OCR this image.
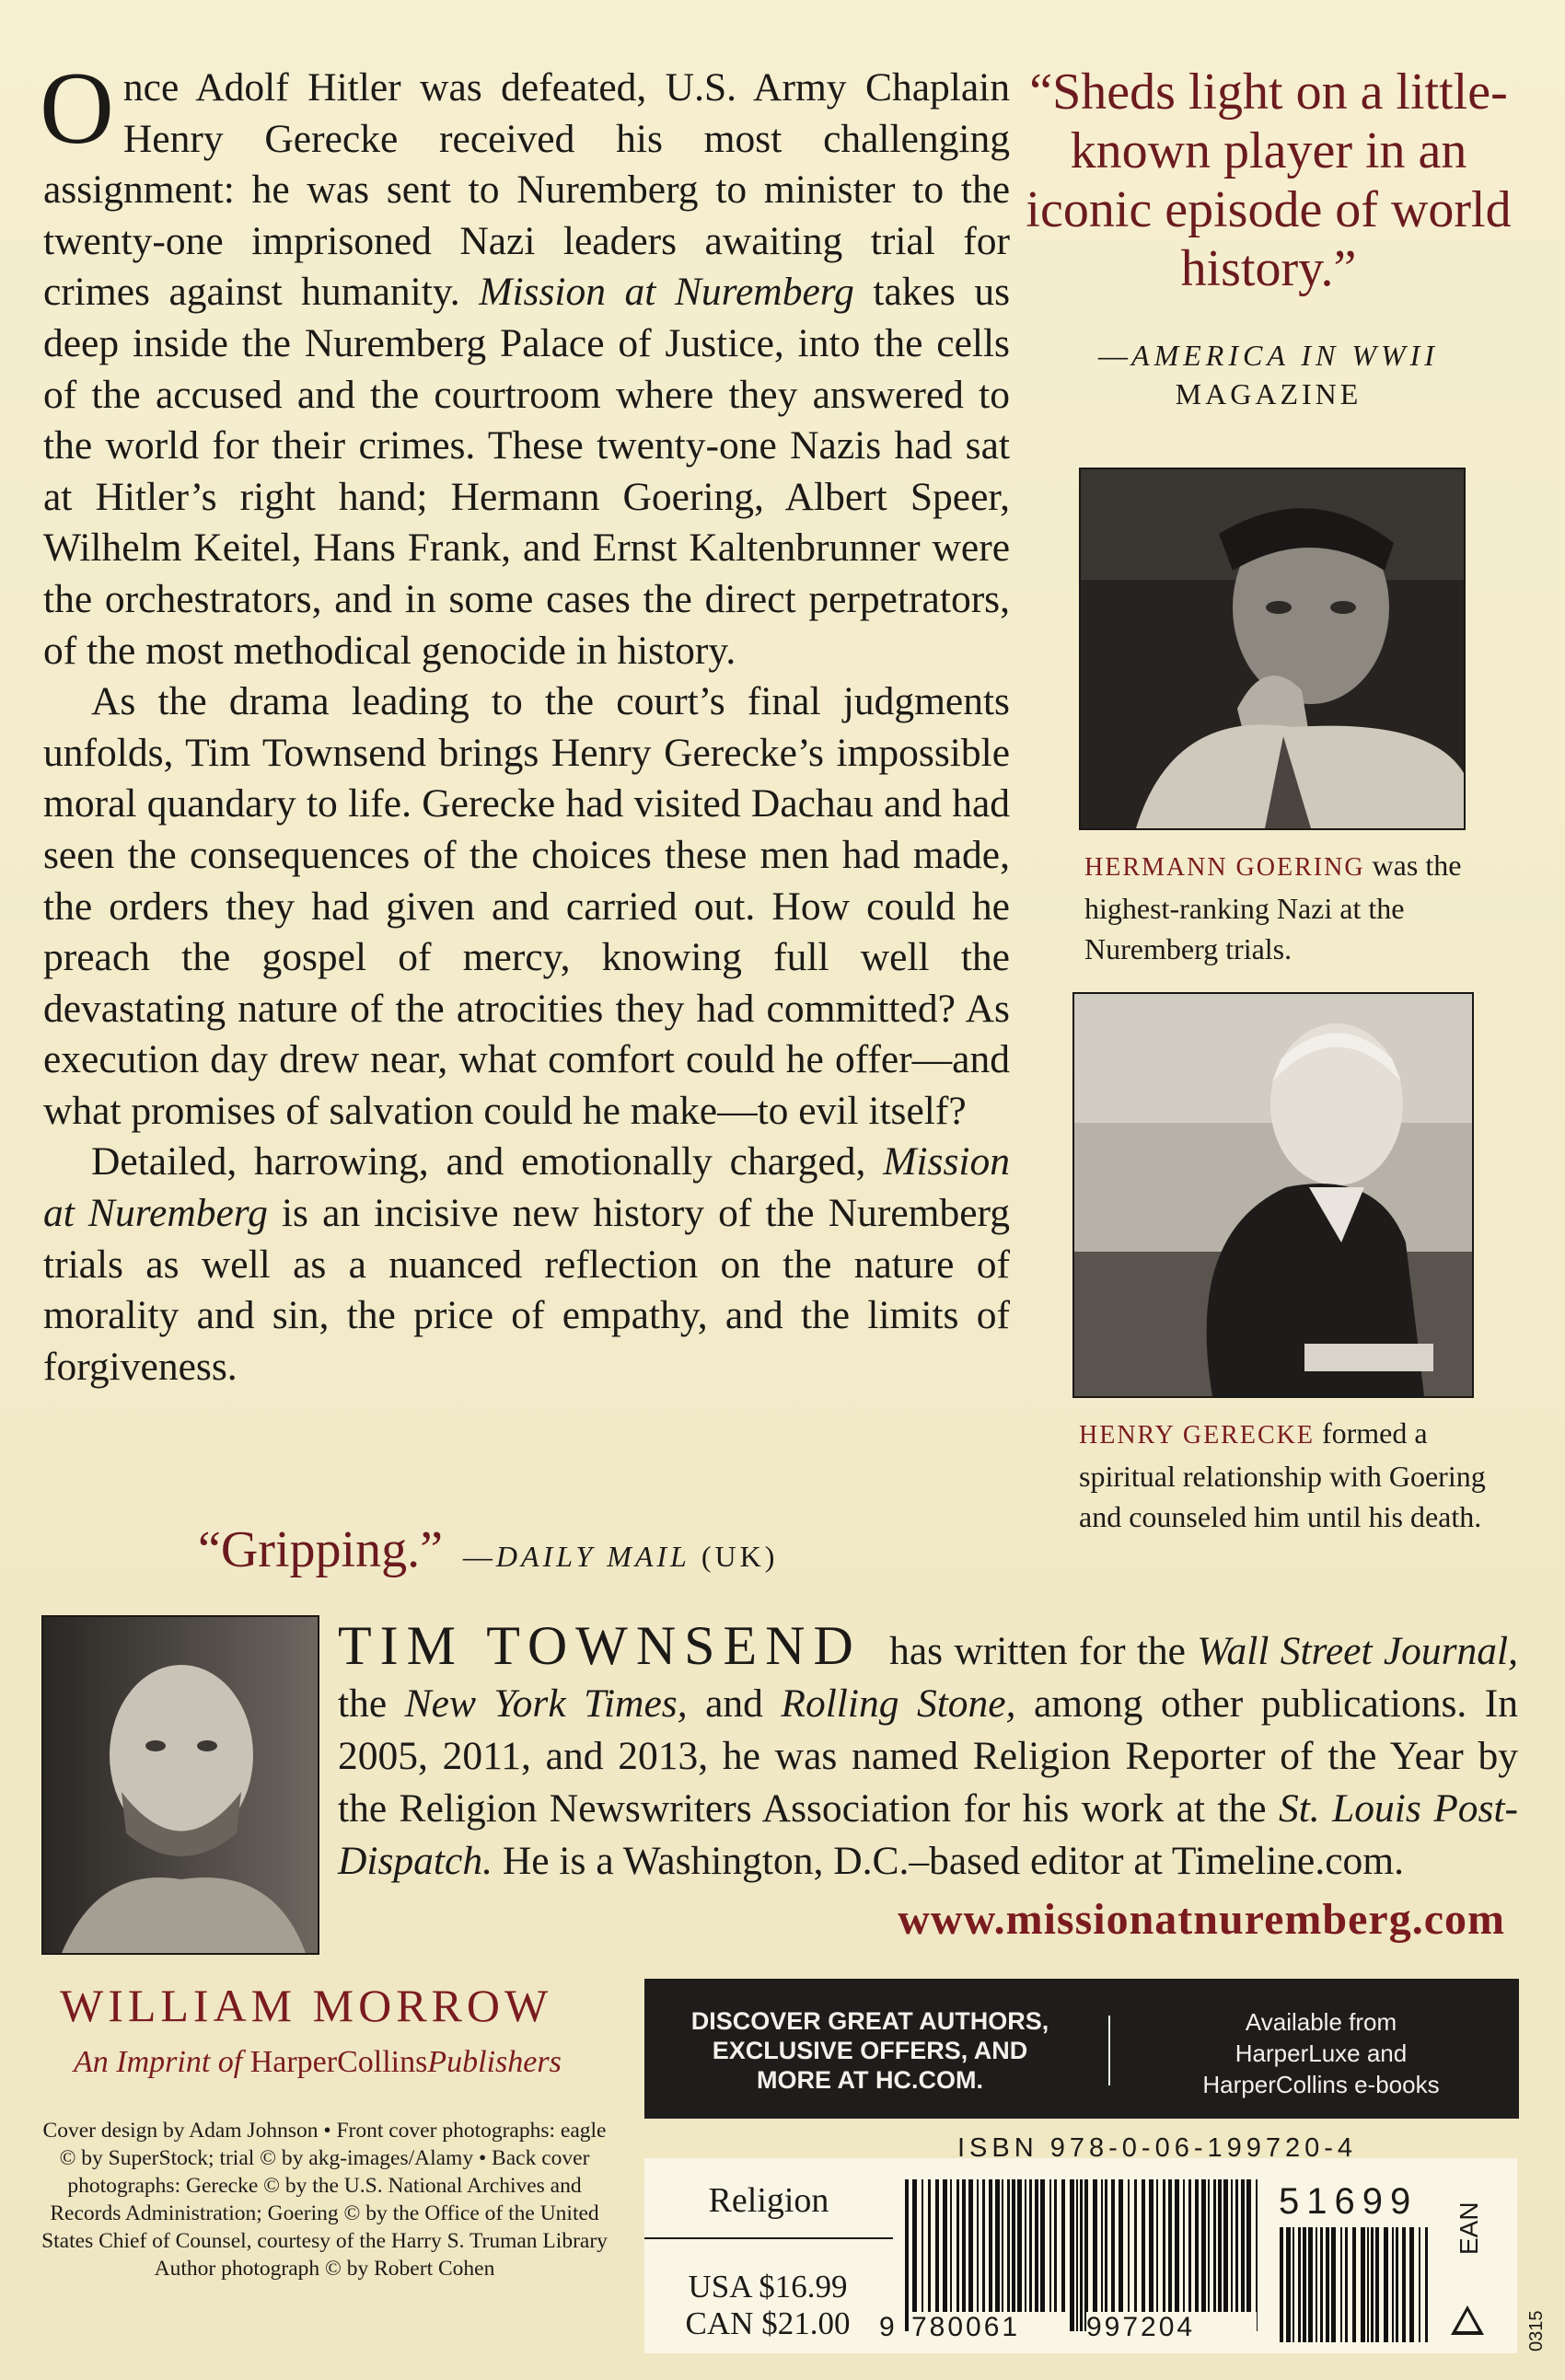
Once Adolf Hitler was defeated, U.S. Army Chaplain Henry Gerecke received his most challenging assignment: he was sent to Nuremberg to minister to the twenty-one imprisoned Nazi leaders awaiting trial for crimes against humanity. Mission at Nuremberg takes us deep inside the Nuremberg Palace of Justice, into the cells of the accused and the courtroom where they answered to the world for their crimes. These twenty-one Nazis had sat at Hitler’s right hand; Hermann Goering, Albert Speer, Wilhelm Keitel, Hans Frank, and Ernst Kaltenbrunner were the orchestrators, and in some cases the direct perpetrators, of the most methodical genocide in history.

As the drama leading to the court’s final judgments unfolds, Tim Townsend brings Henry Gerecke’s impossible moral quandary to life. Gerecke had visited Dachau and had seen the consequences of the choices these men had made, the orders they had given and carried out. How could he preach the gospel of mercy, knowing full well the devastating nature of the atrocities they had committed? As execution day drew near, what comfort could he offer—and what promises of salvation could he make—to evil itself?

Detailed, harrowing, and emotionally charged, Mission at Nuremberg is an incisive new history of the Nuremberg trials as well as a nuanced reflection on the nature of morality and sin, the price of empathy, and the limits of forgiveness.

“Gripping.” —DAILY MAIL (UK)
“Sheds light on a little-known player in an iconic episode of world history.”
—AMERICA IN WWII
MAGAZINE
HERMANN GOERING was the highest-ranking Nazi at the Nuremberg trials.
HENRY GERECKE formed a spiritual relationship with Goering and counseled him until his death.
TIM TOWNSEND has written for the Wall Street Journal, the New York Times, and Rolling Stone, among other publications. In 2005, 2011, and 2013, he was named Religion Reporter of the Year by the Religion Newswriters Association for his work at the St. Louis Post-Dispatch. He is a Washington, D.C.–based editor at Timeline.com.
www.missionatnuremberg.com
WILLIAM MORROW
An Imprint of HarperCollinsPublishers
Cover design by Adam Johnson • Front cover photographs: eagle © by SuperStock; trial © by akg-images/Alamy • Back cover photographs: Gerecke © by the U.S. National Archives and Records Administration; Goering © by the Office of the United States Chief of Counsel, courtesy of the Harry S. Truman Library Author photograph © by Robert Cohen
DISCOVER GREAT AUTHORS, EXCLUSIVE OFFERS, AND MORE AT HC.COM.
Available from
HarperLuxe and
HarperCollins e-books
Religion
USA $16.99
CAN $21.00
ISBN 978-0-06-199720-4
51699
9 780061	997204
EAN
0315
